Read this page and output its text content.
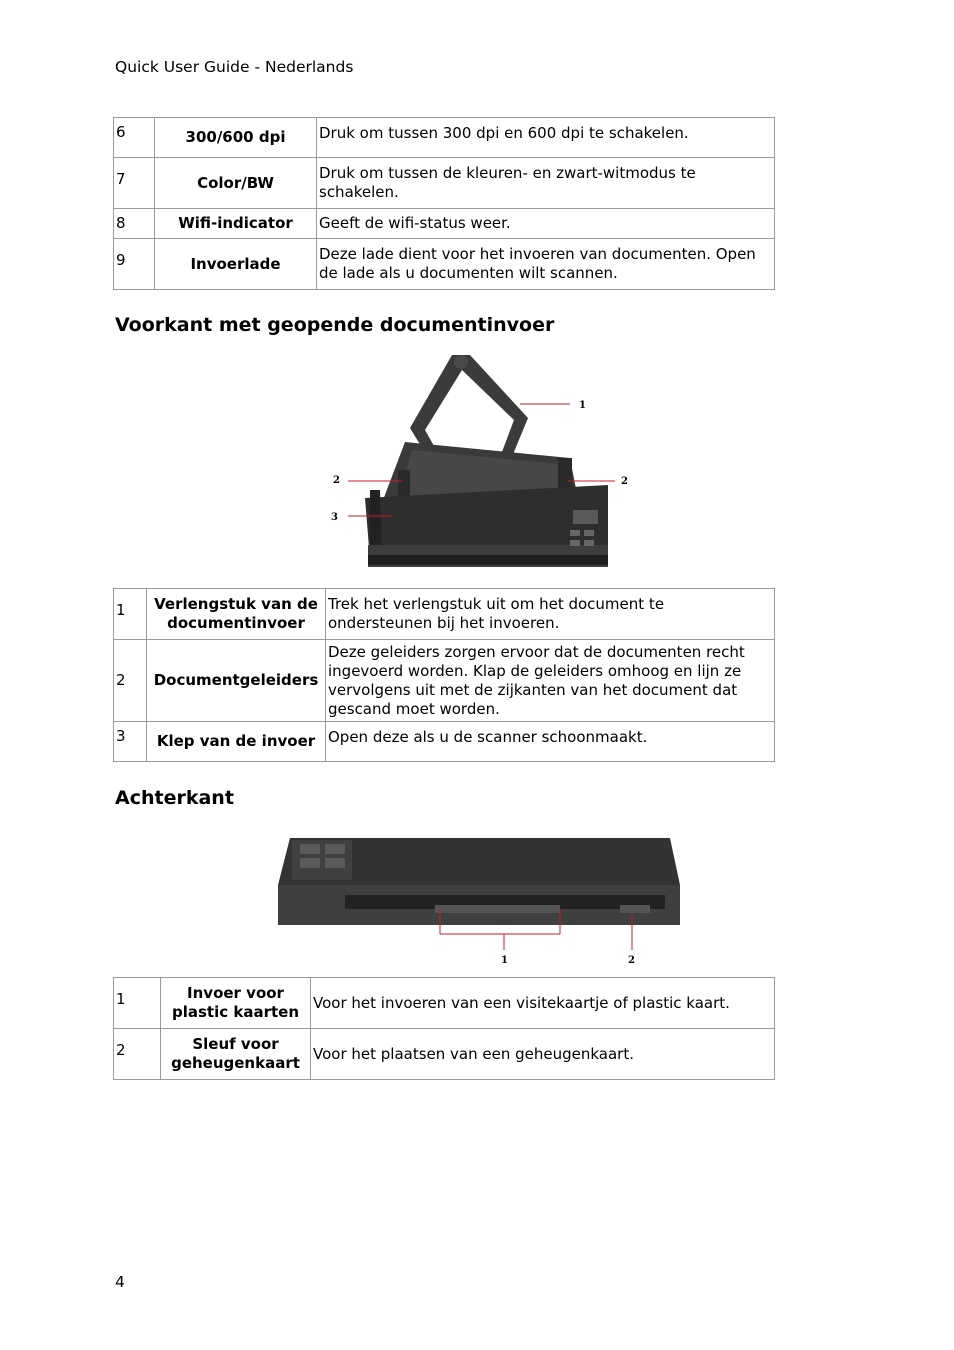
Quick User Guide - Nederlands
6	300/600 dpi	Druk om tussen 300 dpi en 600 dpi te schakelen.
7	Color/BW	Druk om tussen de kleuren- en zwart-witmodus te schakelen.
8	Wifi-indicator	Geeft de wifi-status weer.
9	Invoerlade	Deze lade dient voor het invoeren van documenten. Open de lade als u documenten wilt scannen.
Voorkant met geopende documentinvoer
1
2	2
3
1	Verlengstuk van de documentinvoer	Trek het verlengstuk uit om het document te ondersteunen bij het invoeren.
2	Documentgeleiders	Deze geleiders zorgen ervoor dat de documenten recht ingevoerd worden. Klap de geleiders omhoog en lijn ze vervolgens uit met de zijkanten van het document dat gescand moet worden.
3	Klep van de invoer	Open deze als u de scanner schoonmaakt.
Achterkant
1	2
1	Invoer voor plastic kaarten	Voor het invoeren van een visitekaartje of plastic kaart.
2	Sleuf voor geheugenkaart	Voor het plaatsen van een geheugenkaart.
4
